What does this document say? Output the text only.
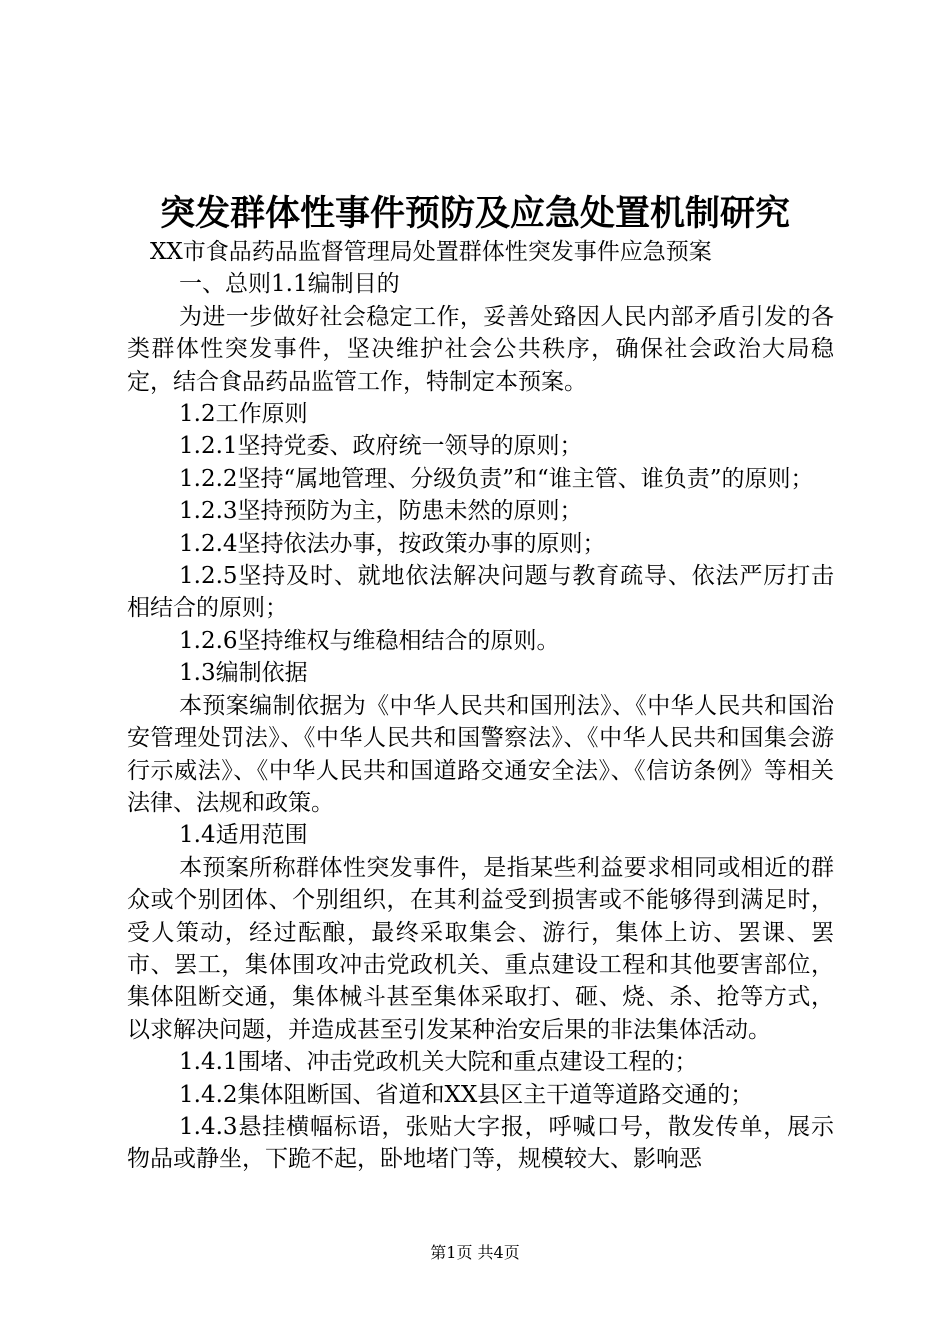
突发群体性事件预防及应急处置机制研究

XX市食品药品监督管理局处置群体性突发事件应急预案

一、总则1.1编制目的

为进一步做好社会稳定工作，妥善处臵因人民内部矛盾引发的各类群体性突发事件，坚决维护社会公共秩序，确保社会政治大局稳定，结合食品药品监管工作，特制定本预案。

1.2工作原则

1.2.1坚持党委、政府统一领导的原则；

1.2.2坚持“属地管理、分级负责”和“谁主管、谁负责”的原则；

1.2.3坚持预防为主，防患未然的原则；

1.2.4坚持依法办事，按政策办事的原则；

1.2.5坚持及时、就地依法解决问题与教育疏导、依法严厉打击相结合的原则；

1.2.6坚持维权与维稳相结合的原则。

1.3编制依据

本预案编制依据为《中华人民共和国刑法》、《中华人民共和国治安管理处罚法》、《中华人民共和国警察法》、《中华人民共和国集会游行示威法》、《中华人民共和国道路交通安全法》、《信访条例》等相关法律、法规和政策。

1.4适用范围

本预案所称群体性突发事件，是指某些利益要求相同或相近的群众或个别团体、个别组织，在其利益受到损害或不能够得到满足时，受人策动，经过酝酿，最终采取集会、游行，集体上访、罢课、罢市、罢工，集体围攻冲击党政机关、重点建设工程和其他要害部位，集体阻断交通，集体械斗甚至集体采取打、砸、烧、杀、抢等方式，以求解决问题，并造成甚至引发某种治安后果的非法集体活动。

1.4.1围堵、冲击党政机关大院和重点建设工程的；

1.4.2集体阻断国、省道和XX县区主干道等道路交通的；

1.4.3悬挂横幅标语，张贴大字报，呼喊口号，散发传单，展示物品或静坐，下跪不起，卧地堵门等，规模较大、影响恶

第1页 共4页
